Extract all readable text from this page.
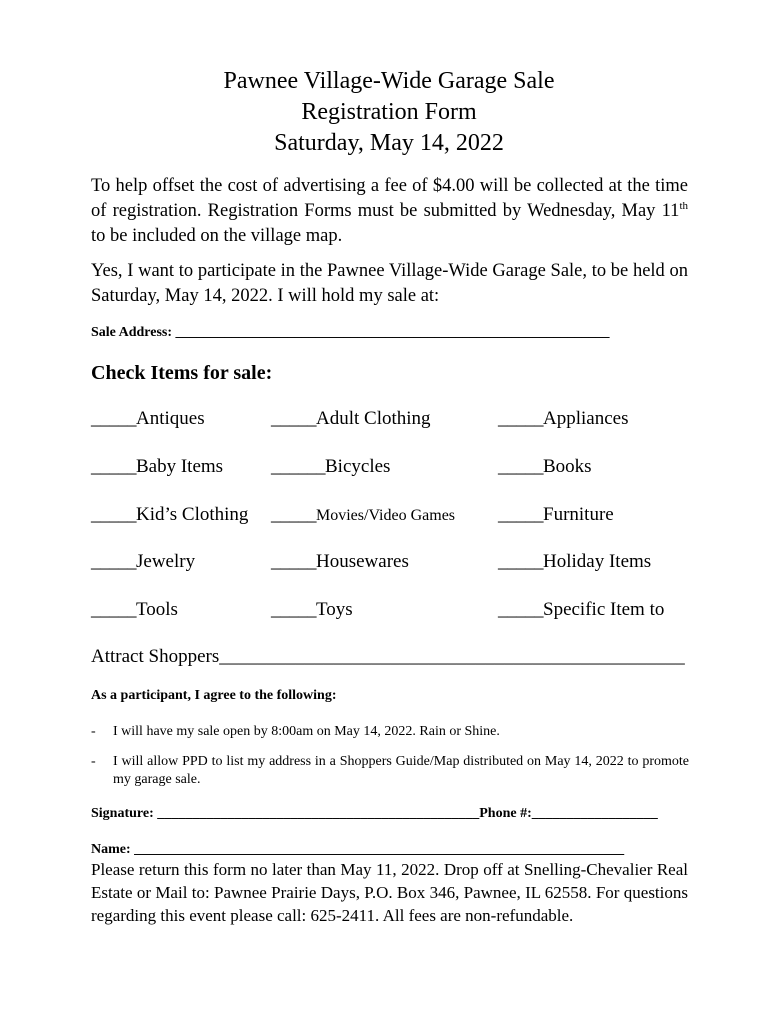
Pawnee Village-Wide Garage Sale
Registration Form
Saturday, May 14, 2022
To help offset the cost of advertising a fee of $4.00 will be collected at the time of registration. Registration Forms must be submitted by Wednesday, May 11th to be included on the village map.
Yes, I want to participate in the Pawnee Village-Wide Garage Sale, to be held on Saturday, May 14, 2022. I will hold my sale at:
Sale Address: ______________________________________________________________
Check Items for sale:
_____Antiques	_____Adult Clothing	_____Appliances
_____Baby Items	______Bicycles	_____Books
_____Kid’s Clothing _____Movies/Video Games _____Furniture
_____Jewelry	_____Housewares	_____Holiday Items
_____Tools	_____Toys	_____Specific Item to
Attract Shoppers_________________________________________________
As a participant, I agree to the following:
- I will have my sale open by 8:00am on May 14, 2022. Rain or Shine.
- I will allow PPD to list my address in a Shoppers Guide/Map distributed on May 14, 2022 to promote my garage sale.
Signature: ______________________________________________Phone #:__________________
Name: ______________________________________________________________________
Please return this form no later than May 11, 2022. Drop off at Snelling-Chevalier Real Estate or Mail to: Pawnee Prairie Days, P.O. Box 346, Pawnee, IL 62558. For questions regarding this event please call: 625-2411. All fees are non-refundable.
